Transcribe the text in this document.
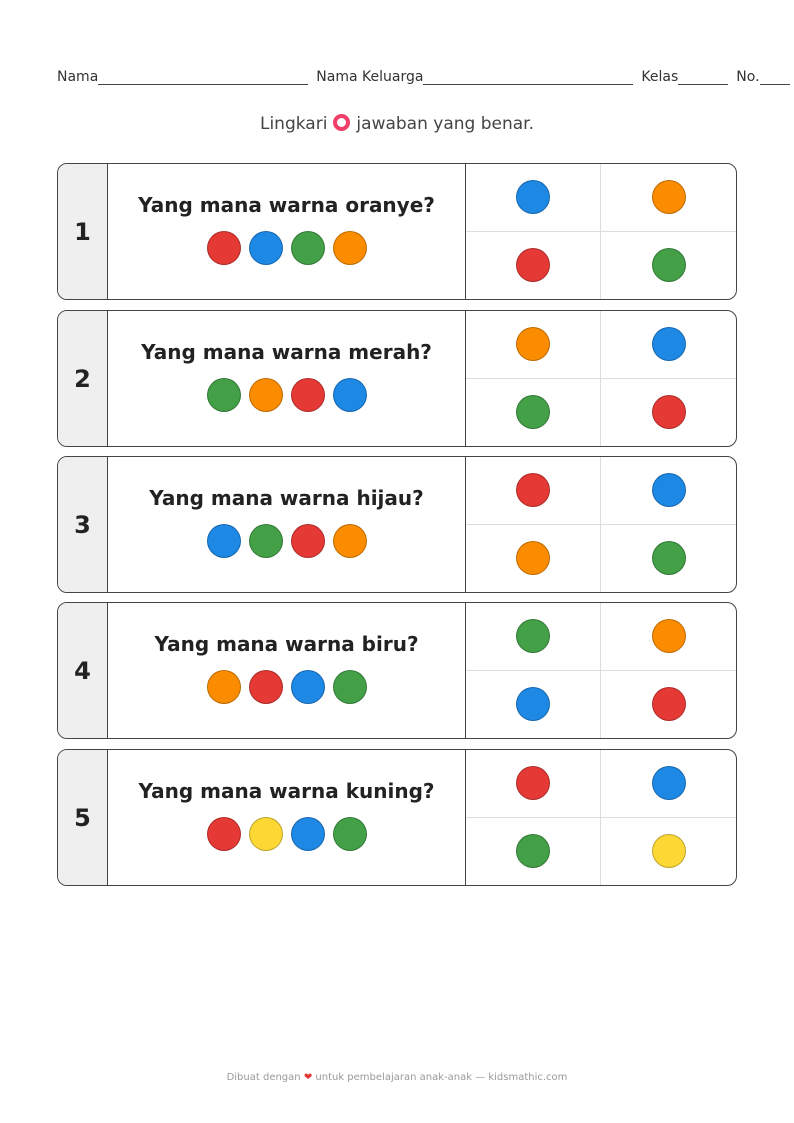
Nama	Nama Keluarga	Kelas	No.
Lingkari jawaban yang benar.
1
Yang mana warna oranye?
2
Yang mana warna merah?
3
Yang mana warna hijau?
4
Yang mana warna biru?
5
Yang mana warna kuning?
Dibuat dengan ❤ untuk pembelajaran anak-anak — kidsmathic.com
